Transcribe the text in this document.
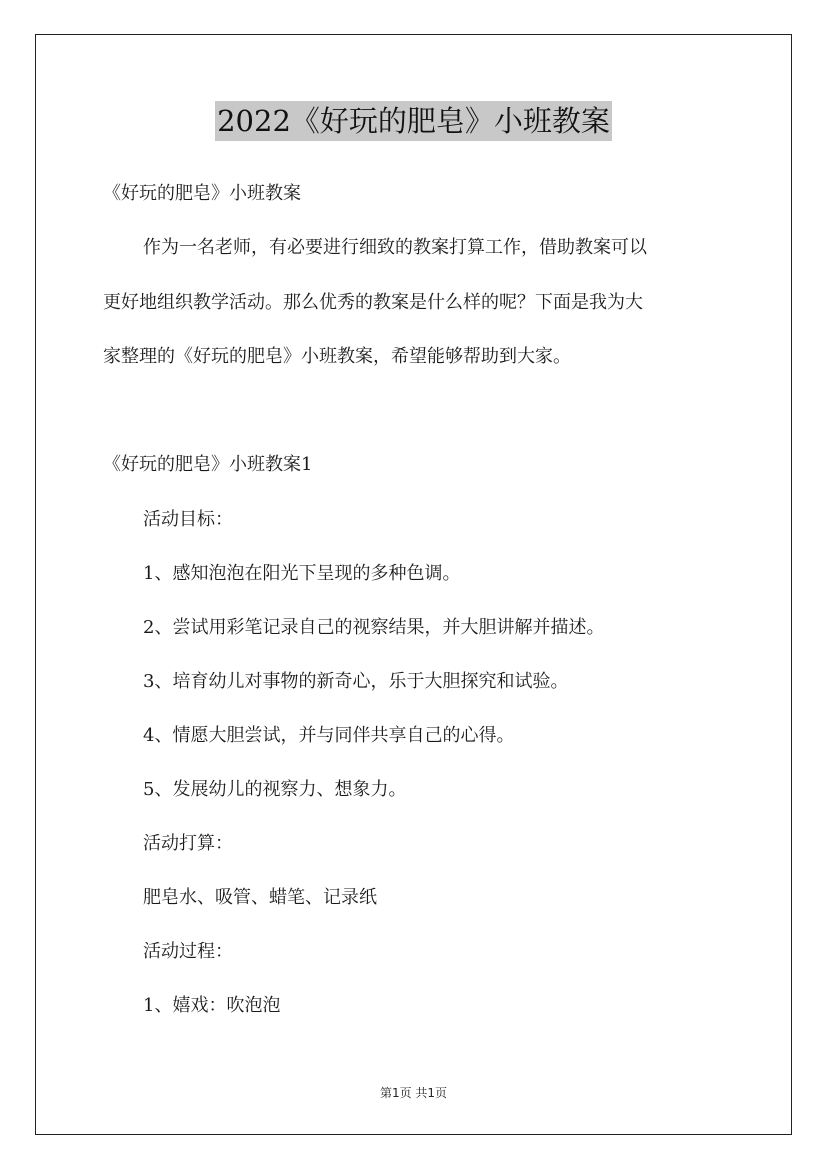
2022《好玩的肥皂》小班教案
《好玩的肥皂》小班教案
作为一名老师，有必要进行细致的教案打算工作，借助教案可以
更好地组织教学活动。那么优秀的教案是什么样的呢？下面是我为大
家整理的《好玩的肥皂》小班教案，希望能够帮助到大家。
《好玩的肥皂》小班教案1
活动目标：
1、感知泡泡在阳光下呈现的多种色调。
2、尝试用彩笔记录自己的视察结果，并大胆讲解并描述。
3、培育幼儿对事物的新奇心，乐于大胆探究和试验。
4、情愿大胆尝试，并与同伴共享自己的心得。
5、发展幼儿的视察力、想象力。
活动打算：
肥皂水、吸管、蜡笔、记录纸
活动过程：
1、嬉戏：吹泡泡
第1页 共1页
